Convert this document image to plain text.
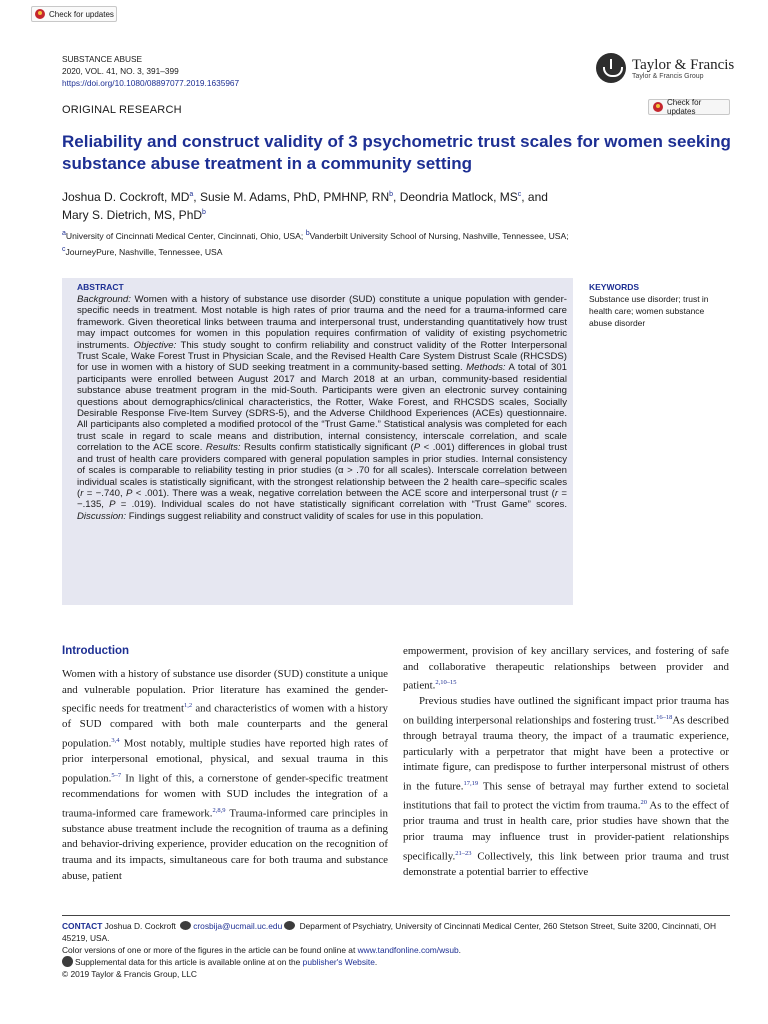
Check for updates
SUBSTANCE ABUSE
2020, VOL. 41, NO. 3, 391–399
https://doi.org/10.1080/08897077.2019.1635967
Taylor & Francis
Taylor & Francis Group
ORIGINAL RESEARCH
Check for updates
Reliability and construct validity of 3 psychometric trust scales for women seeking substance abuse treatment in a community setting
Joshua D. Cockroft, $MD^a$, Susie M. Adams, PhD, PMHNP, $RN^b$, Deondria Matlock, $MS^c$, and
Mary S. Dietrich, MS, PhD$^b$
$^a$University of Cincinnati Medical Center, Cincinnati, Ohio, USA; $^b$Vanderbilt University School of Nursing, Nashville, Tennessee, USA;
$^c$JourneyPure, Nashville, Tennessee, USA
ABSTRACT
Background: Women with a history of substance use disorder (SUD) constitute a unique population with gender-specific needs in treatment. Most notable is high rates of prior trauma and the need for a trauma-informed care framework. Given theoretical links between trauma and interpersonal trust, understanding quantitatively how trust may impact outcomes for women in this population requires confirmation of validity of existing psychometric instruments. Objective: This study sought to confirm reliability and construct validity of the Rotter Interpersonal Trust Scale, Wake Forest Trust in Physician Scale, and the Revised Health Care System Distrust Scale (RHCSDS) for use in women with a history of SUD seeking treatment in a community-based setting. Methods: A total of 301 participants were enrolled between August 2017 and March 2018 at an urban, community-based residential substance abuse treatment program in the mid-South. Participants were given an electronic survey containing questions about demographics/clinical characteristics, the Rotter, Wake Forest, and RHCSDS scales, Socially Desirable Response Five-Item Survey (SDRS-5), and the Adverse Childhood Experiences (ACEs) questionnaire. All participants also completed a modified protocol of the “Trust Game.” Statistical analysis was completed for each trust scale in regard to scale means and distribution, internal consistency, interscale correlation, and scale correlation to the ACE score. Results: Results confirm statistically significant (P < .001) differences in global trust and trust of health care providers compared with general population samples in prior studies. Internal consistency of scales is comparable to reliability testing in prior studies (α > .70 for all scales). Interscale correlation between individual scales is statistically significant, with the strongest relationship between the 2 health care–specific scales (r = −.740, P < .001). There was a weak, negative correlation between the ACE score and interpersonal trust (r = −.135, P = .019). Individual scales do not have statistically significant correlation with “Trust Game” scores. Discussion: Findings suggest reliability and construct validity of scales for use in this population.
KEYWORDS
Substance use disorder; trust in health care; women substance abuse disorder
Introduction
Women with a history of substance use disorder (SUD) constitute a unique and vulnerable population. Prior literature has examined the gender-specific needs for treatment$^{1,2}$ and characteristics of women with a history of SUD compared with both male counterparts and the general population.$^{3,4}$ Most notably, multiple studies have reported high rates of prior interpersonal emotional, physical, and sexual trauma in this population.$^{5-7}$ In light of this, a cornerstone of gender-specific treatment recommendations for women with SUD includes the integration of a trauma-informed care framework.$^{2,8,9}$ Trauma-informed care principles in substance abuse treatment include the recognition of trauma as a defining and behavior-driving experience, provider education on the recognition of trauma and its impacts, simultaneous care for both trauma and substance abuse, patient

empowerment, provision of key ancillary services, and fostering of safe and collaborative therapeutic relationships between provider and patient.$^{2,10-15}$

Previous studies have outlined the significant impact prior trauma has on building interpersonal relationships and fostering trust.$^{16-18}$As described through betrayal trauma theory, the impact of a traumatic experience, particularly with a perpetrator that might have been a protective or intimate figure, can predispose to further interpersonal mistrust of others in the future.$^{17,19}$ This sense of betrayal may further extend to societal institutions that fail to protect the victim from trauma.$^{20}$ As to the effect of prior trauma and trust in health care, prior studies have shown that the prior trauma may influence trust in provider-patient relationships specifically.$^{21-23}$ Collectively, this link between prior trauma and trust demonstrate a potential barrier to effective

CONTACT Joshua D. Cockroft crosbija@ucmail.uc.edu Deparment of Psychiatry, University of Cincinnati Medical Center, 260 Stetson Street, Suite 3200, Cincinnati, OH 45219, USA.
Color versions of one or more of the figures in the article can be found online at www.tandfonline.com/wsub.
Supplemental data for this article is available online at on the publisher's Website.
© 2019 Taylor & Francis Group, LLC
